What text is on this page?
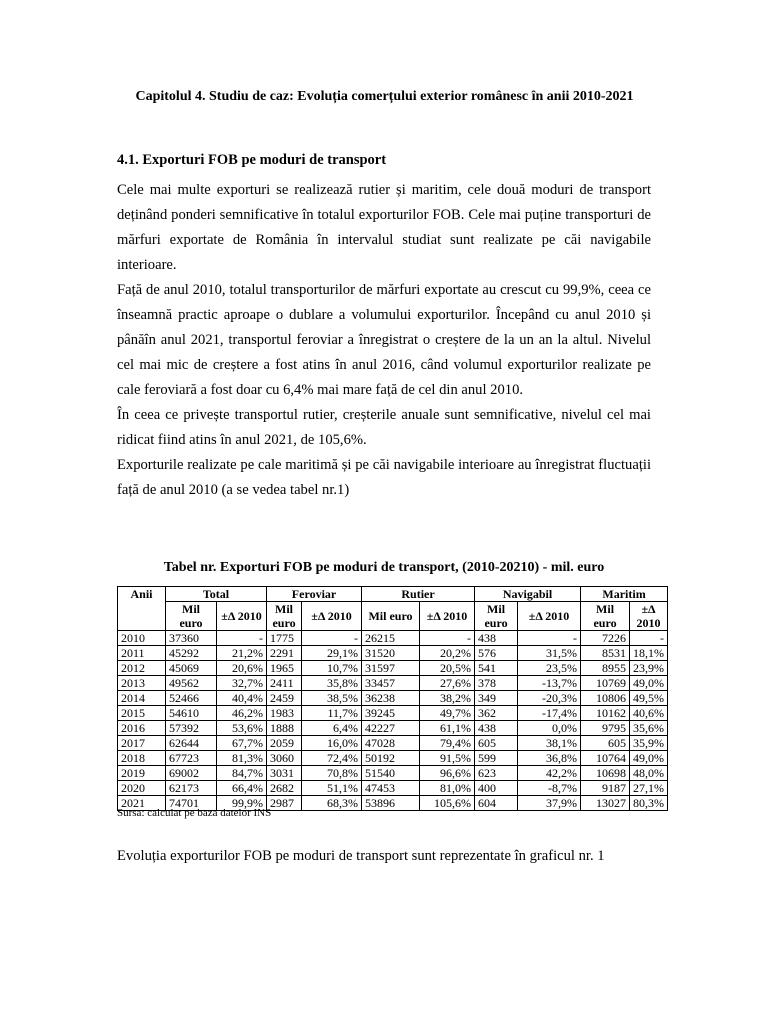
Capitolul 4. Studiu de caz: Evoluția comerțului exterior românesc în anii 2010-2021
4.1. Exporturi FOB pe moduri de transport

Cele mai multe exporturi se realizează rutier și maritim, cele două moduri de transport deținând ponderi semnificative în totalul exporturilor FOB. Cele mai puține transporturi de mărfuri exportate de România în intervalul studiat sunt realizate pe căi navigabile interioare.

Față de anul 2010, totalul transporturilor de mărfuri exportate au crescut cu 99,9%, ceea ce înseamnă practic aproape o dublare a volumului exporturilor. Începând cu anul 2010 și pânăîn anul 2021, transportul feroviar a înregistrat o creștere de la un an la altul. Nivelul cel mai mic de creștere a fost atins în anul 2016, când volumul exporturilor realizate pe cale feroviară a fost doar cu 6,4% mai mare față de cel din anul 2010.

În ceea ce privește transportul rutier, creșterile anuale sunt semnificative, nivelul cel mai ridicat fiind atins în anul 2021, de 105,6%.

Exporturile realizate pe cale maritimă și pe căi navigabile interioare au înregistrat fluctuații față de anul 2010 (a se vedea tabel nr.1)

Tabel nr. Exporturi FOB pe moduri de transport, (2010-20210) - mil. euro
Anii	Total		Feroviar		Rutier		Navigabil		Maritim	
	Mil euro	±Δ 2010	Mil euro	±Δ 2010	Mil euro	±Δ 2010	Mil euro	±Δ 2010	Mil euro	±Δ 2010
2010	37360	-	1775	-	26215	-	438	-	7226	-
2011	45292	21,2%	2291	29,1%	31520	20,2%	576	31,5%	8531	18,1%
2012	45069	20,6%	1965	10,7%	31597	20,5%	541	23,5%	8955	23,9%
2013	49562	32,7%	2411	35,8%	33457	27,6%	378	-13,7%	10769	49,0%
2014	52466	40,4%	2459	38,5%	36238	38,2%	349	-20,3%	10806	49,5%
2015	54610	46,2%	1983	11,7%	39245	49,7%	362	-17,4%	10162	40,6%
2016	57392	53,6%	1888	6,4%	42227	61,1%	438	0,0%	9795	35,6%
2017	62644	67,7%	2059	16,0%	47028	79,4%	605	38,1%	605	35,9%
2018	67723	81,3%	3060	72,4%	50192	91,5%	599	36,8%	10764	49,0%
2019	69002	84,7%	3031	70,8%	51540	96,6%	623	42,2%	10698	48,0%
2020	62173	66,4%	2682	51,1%	47453	81,0%	400	-8,7%	9187	27,1%
2021	74701	99,9%	2987	68,3%	53896	105,6%	604	37,9%	13027	80,3%
Sursa: calculat pe baza datelor INS
Evoluția exporturilor FOB pe moduri de transport sunt reprezentate în graficul nr. 1
